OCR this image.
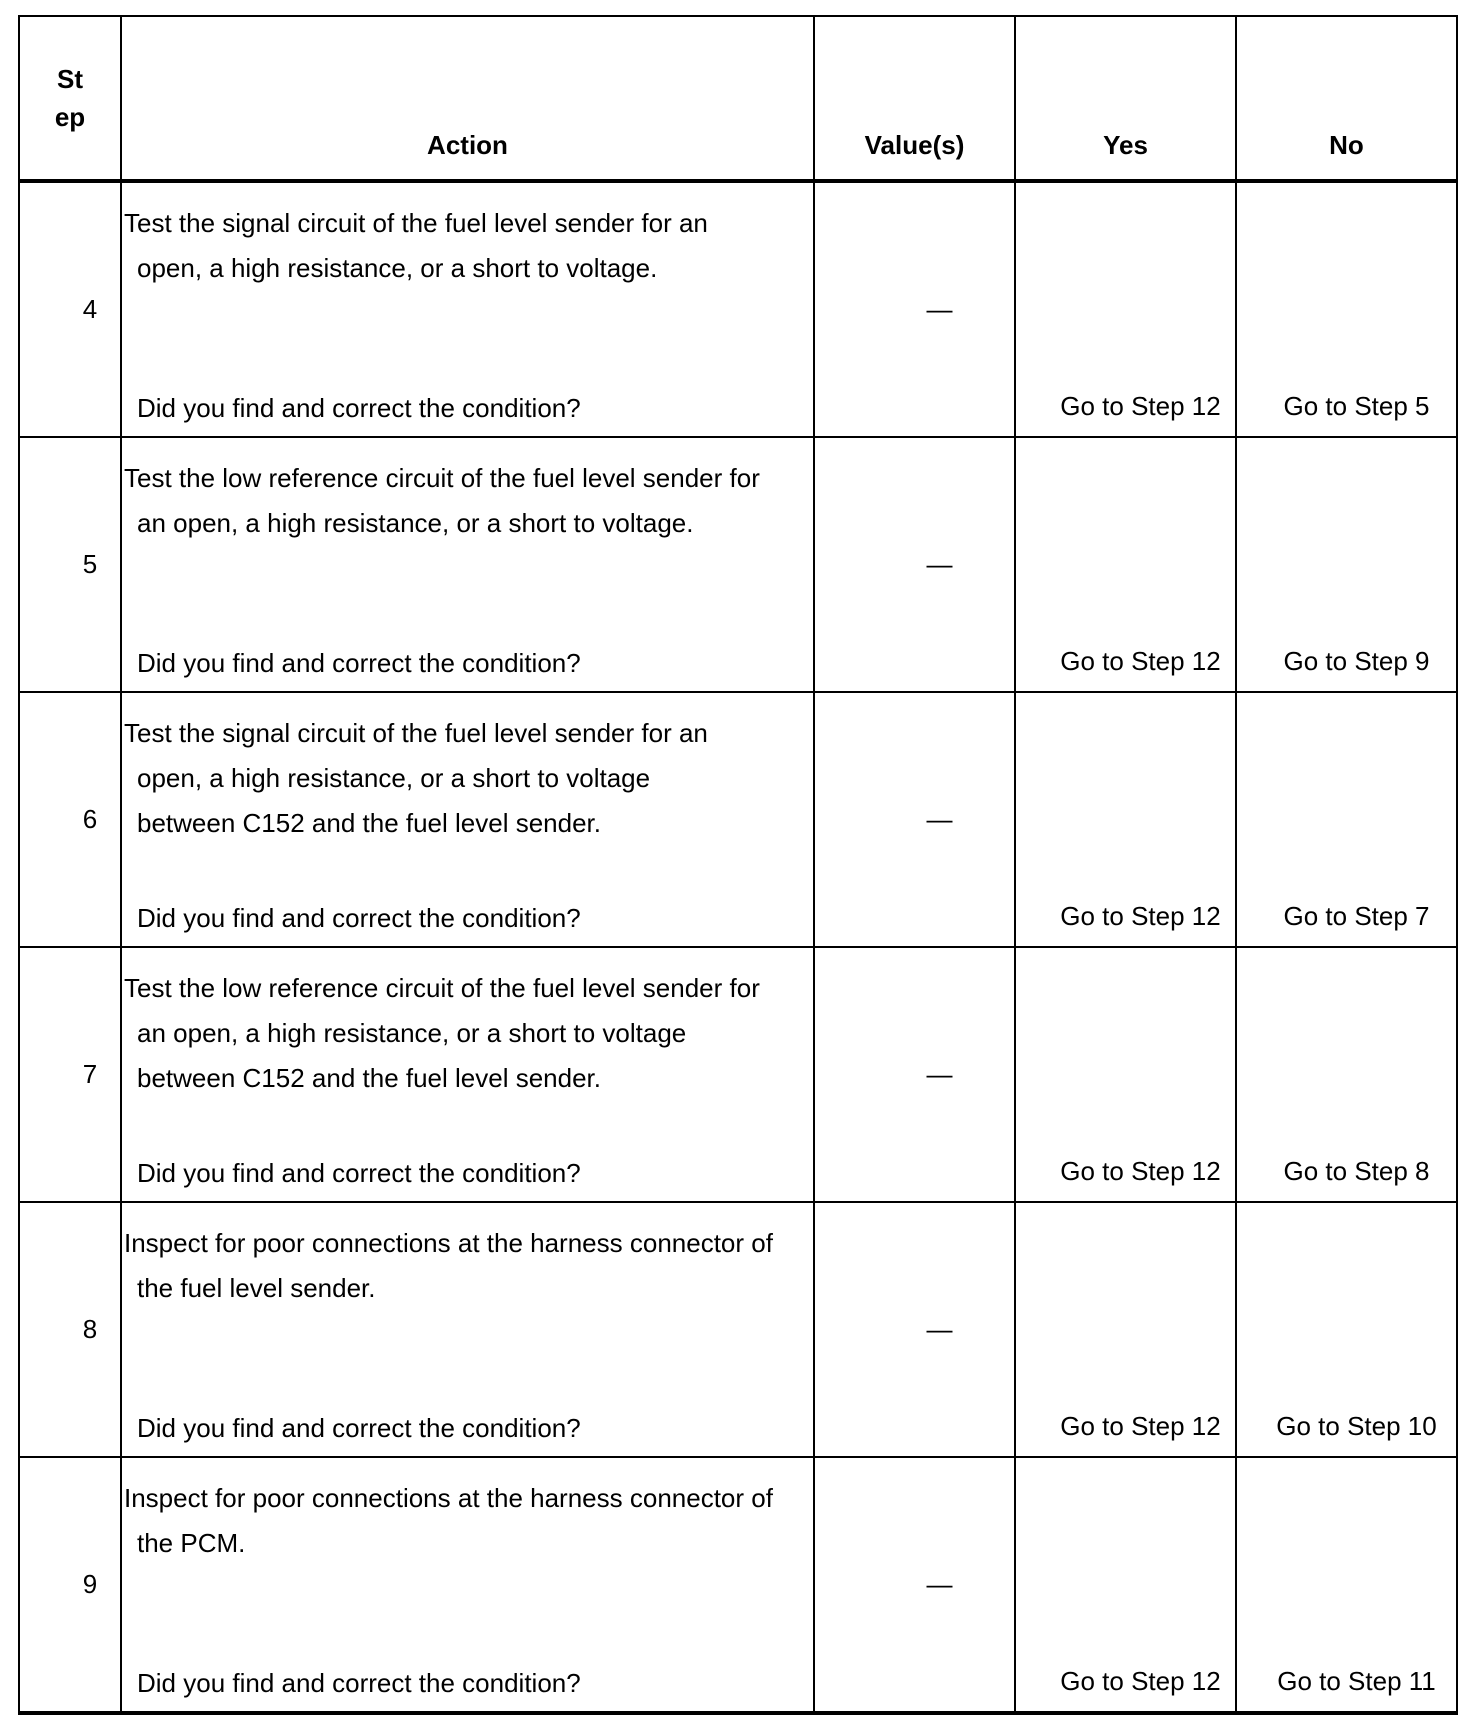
St
ep	Action	Value(s)	Yes	No
4	Test the signal circuit of the fuel level sender for an
open, a high resistance, or a short to voltage.
Did you find and correct the condition?	—	Go to Step 12	Go to Step 5
5	Test the low reference circuit of the fuel level sender for
an open, a high resistance, or a short to voltage.
Did you find and correct the condition?	—	Go to Step 12	Go to Step 9
6	Test the signal circuit of the fuel level sender for an
open, a high resistance, or a short to voltage
between C152 and the fuel level sender.
Did you find and correct the condition?	—	Go to Step 12	Go to Step 7
7	Test the low reference circuit of the fuel level sender for
an open, a high resistance, or a short to voltage
between C152 and the fuel level sender.
Did you find and correct the condition?	—	Go to Step 12	Go to Step 8
8	Inspect for poor connections at the harness connector of
the fuel level sender.
Did you find and correct the condition?	—	Go to Step 12	Go to Step 10
9	Inspect for poor connections at the harness connector of
the PCM.
Did you find and correct the condition?	—	Go to Step 12	Go to Step 11
